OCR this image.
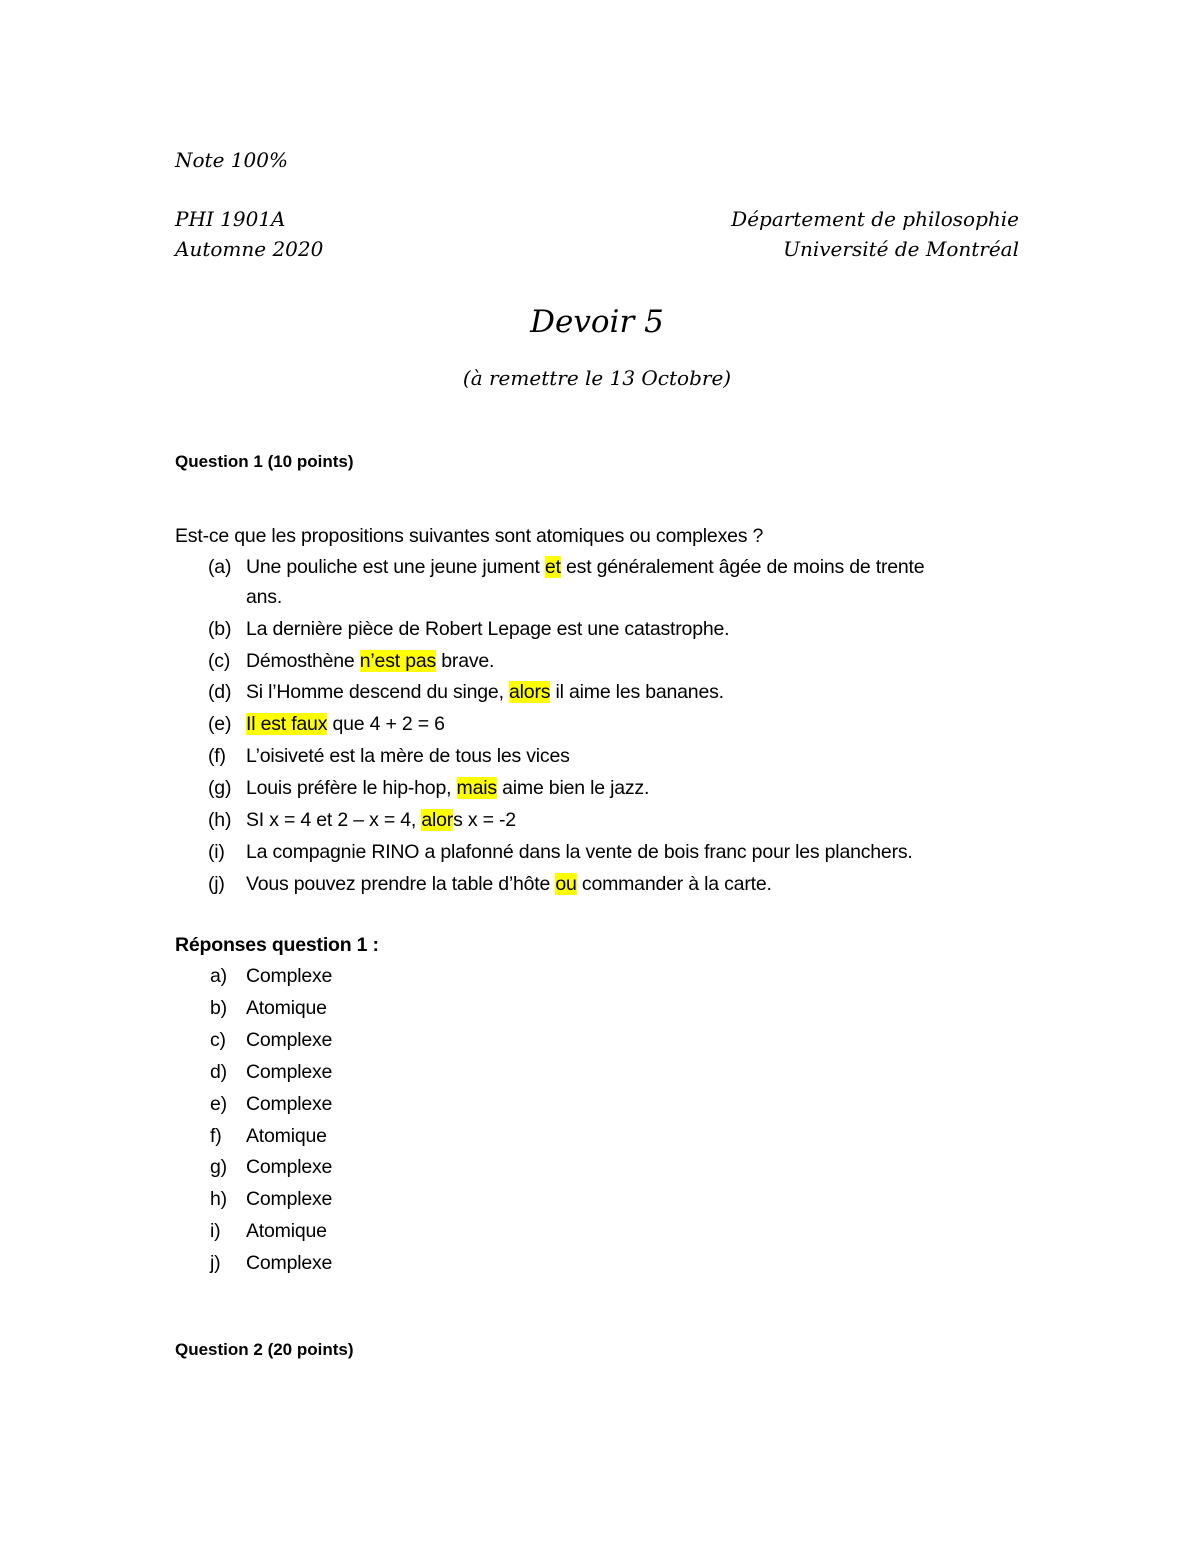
Note 100%
PHI 1901A
Automne 2020
Département de philosophie
Université de Montréal
Devoir 5
(à remettre le 13 Octobre)
Question 1 (10 points)
Est-ce que les propositions suivantes sont atomiques ou complexes ?
(a) Une pouliche est une jeune jument et est généralement âgée de moins de trente
ans.
(b) La dernière pièce de Robert Lepage est une catastrophe.
(c) Démosthène n’est pas brave.
(d) Si l’Homme descend du singe, alors il aime les bananes.
(e) Il est faux que 4 + 2 = 6
(f) L’oisiveté est la mère de tous les vices
(g) Louis préfère le hip-hop, mais aime bien le jazz.
(h) SI x = 4 et 2 – x = 4, alors x = -2
(i) La compagnie RINO a plafonné dans la vente de bois franc pour les planchers.
(j) Vous pouvez prendre la table d’hôte ou commander à la carte.
Réponses question 1 :
a) Complexe
b) Atomique
c) Complexe
d) Complexe
e) Complexe
f) Atomique
g) Complexe
h) Complexe
i) Atomique
j) Complexe
Question 2 (20 points)
